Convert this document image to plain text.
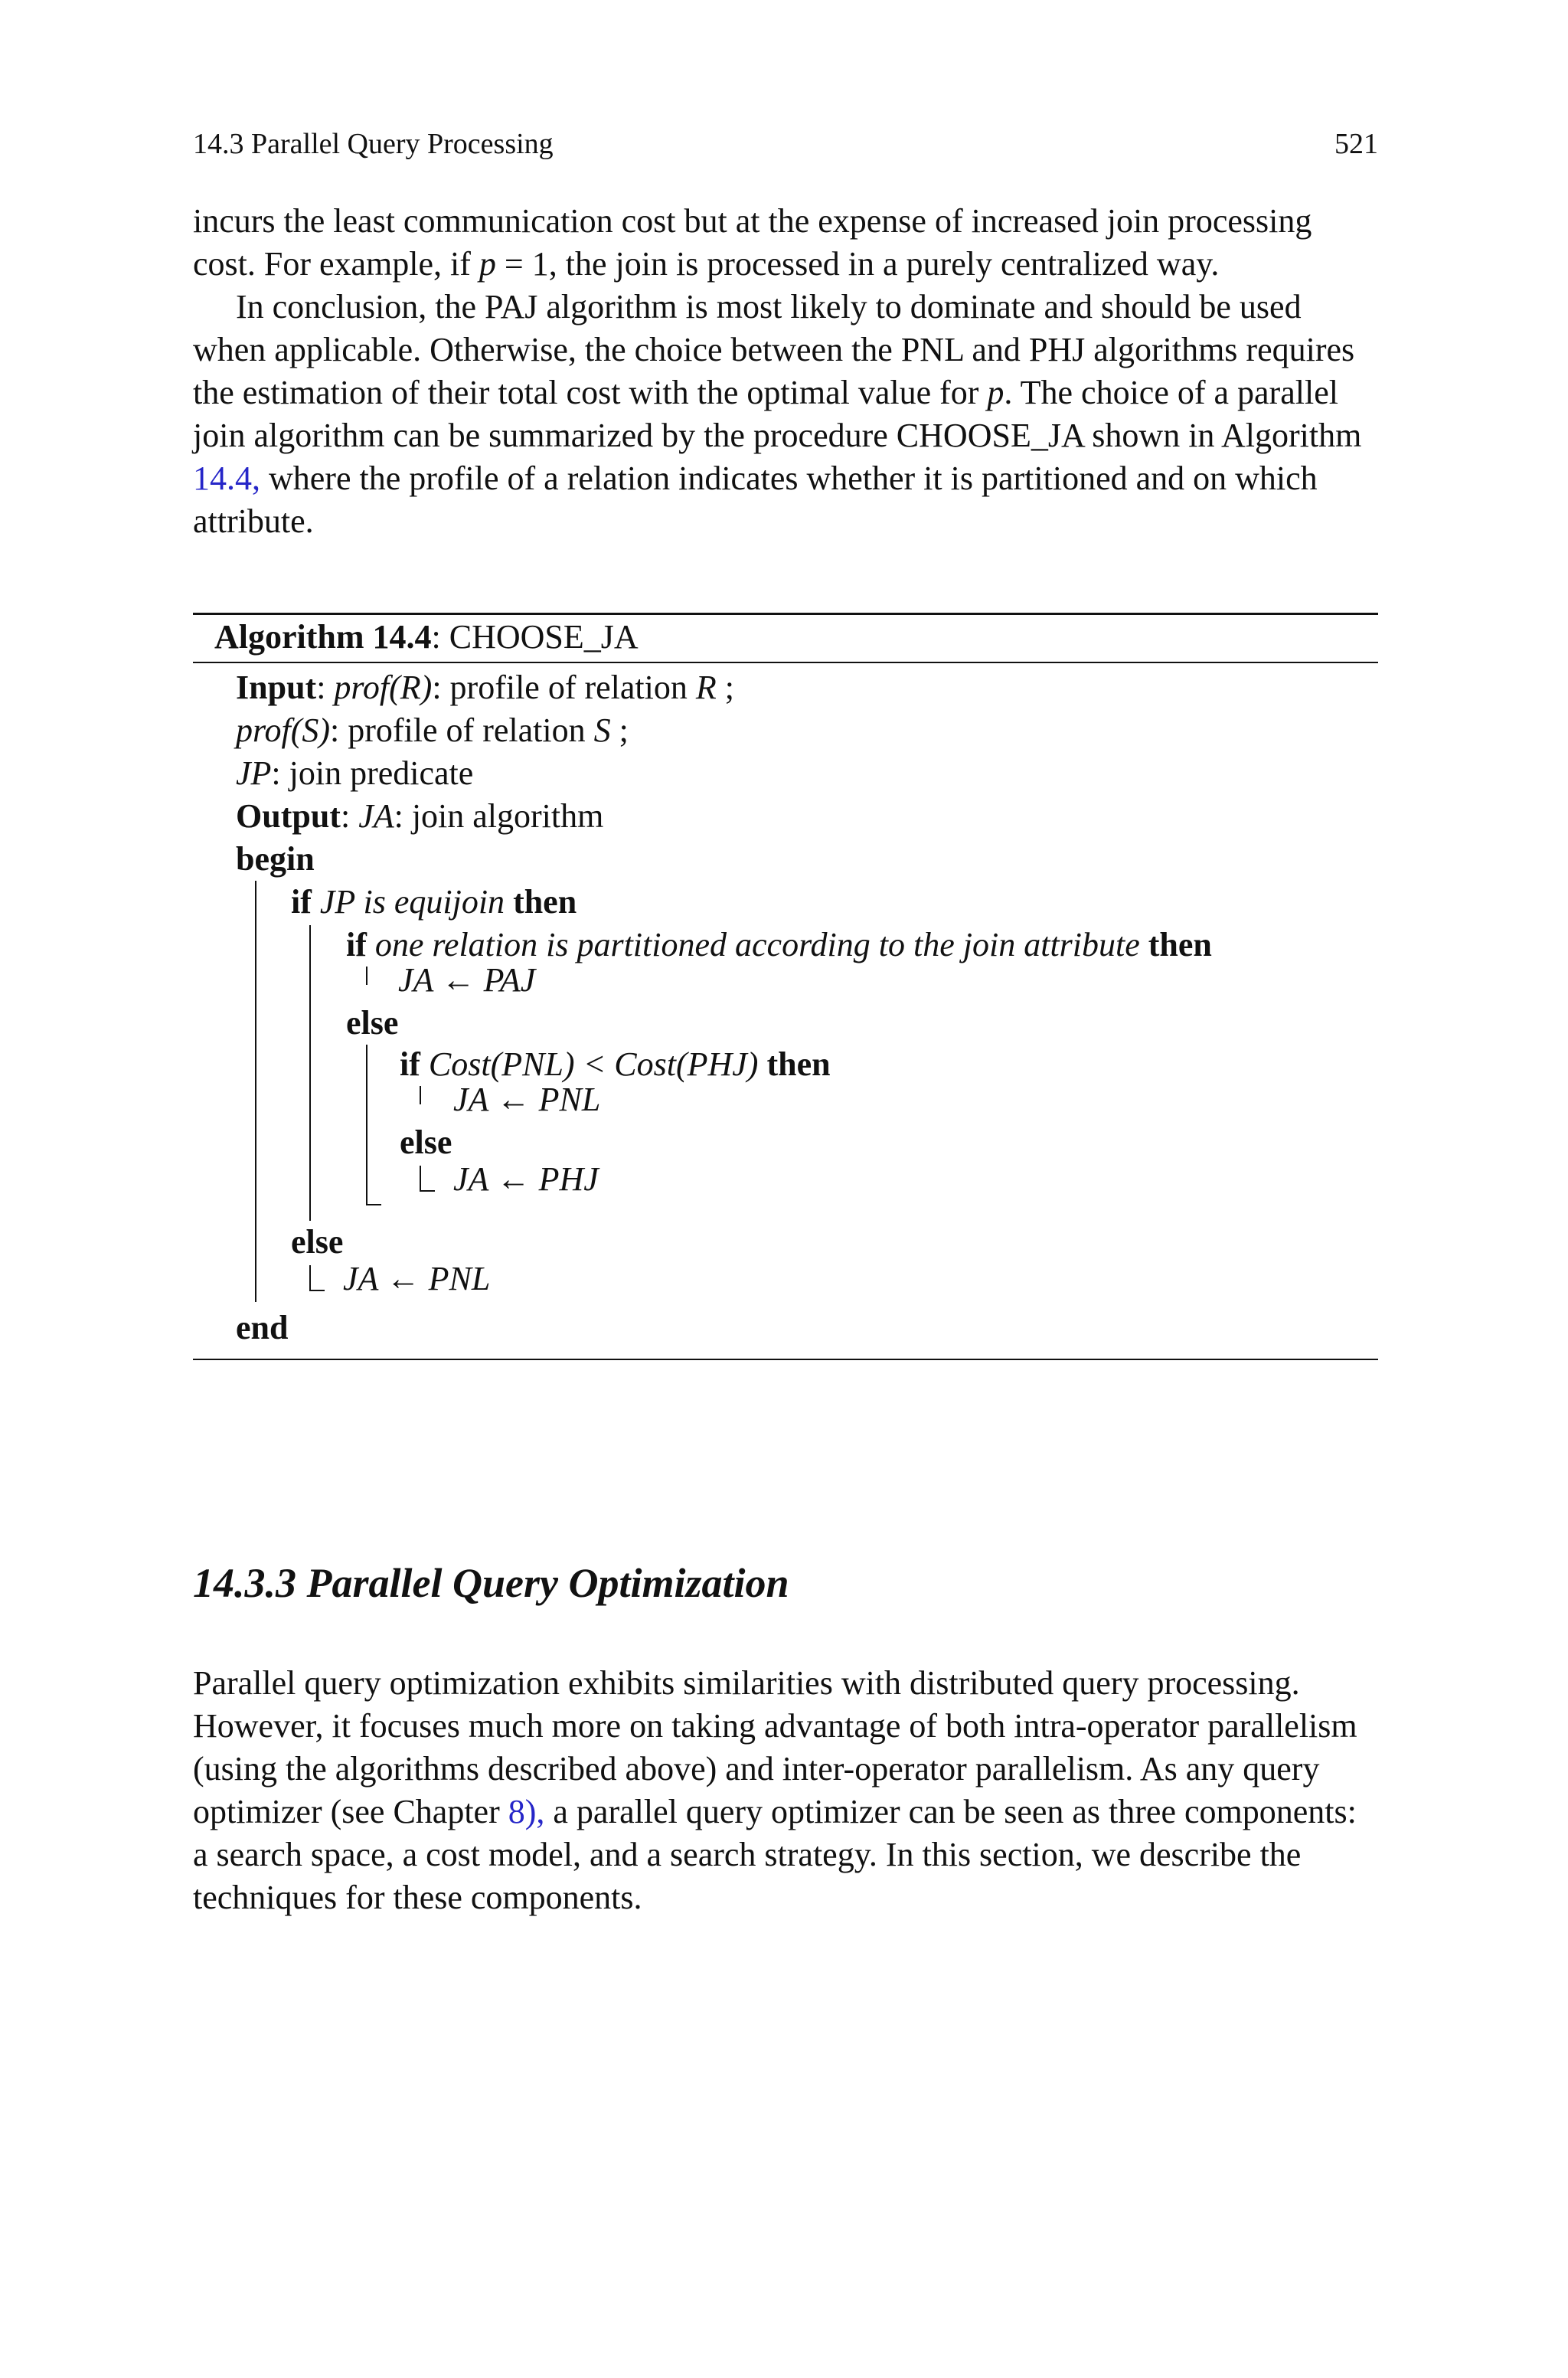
14.3 Parallel Query Processing	521
incurs the least communication cost but at the expense of increased join processing
cost. For example, if p = 1, the join is processed in a purely centralized way.
In conclusion, the PAJ algorithm is most likely to dominate and should be used
when applicable. Otherwise, the choice between the PNL and PHJ algorithms requires
the estimation of their total cost with the optimal value for p. The choice of a parallel
join algorithm can be summarized by the procedure CHOOSE_JA shown in Algorithm
14.4, where the profile of a relation indicates whether it is partitioned and on which
attribute.
Algorithm 14.4: CHOOSE_JA
Input: prof(R): profile of relation R ;
prof(S): profile of relation S ;
JP: join predicate
Output: JA: join algorithm
begin
if JP is equijoin then
if one relation is partitioned according to the join attribute then
JA ← PAJ
else
if Cost(PNL) < Cost(PHJ) then
JA ← PNL
else
JA ← PHJ
else
JA ← PNL
end
14.3.3 Parallel Query Optimization
Parallel query optimization exhibits similarities with distributed query processing.
However, it focuses much more on taking advantage of both intra-operator parallelism
(using the algorithms described above) and inter-operator parallelism. As any query
optimizer (see Chapter 8), a parallel query optimizer can be seen as three components:
a search space, a cost model, and a search strategy. In this section, we describe the
techniques for these components.
